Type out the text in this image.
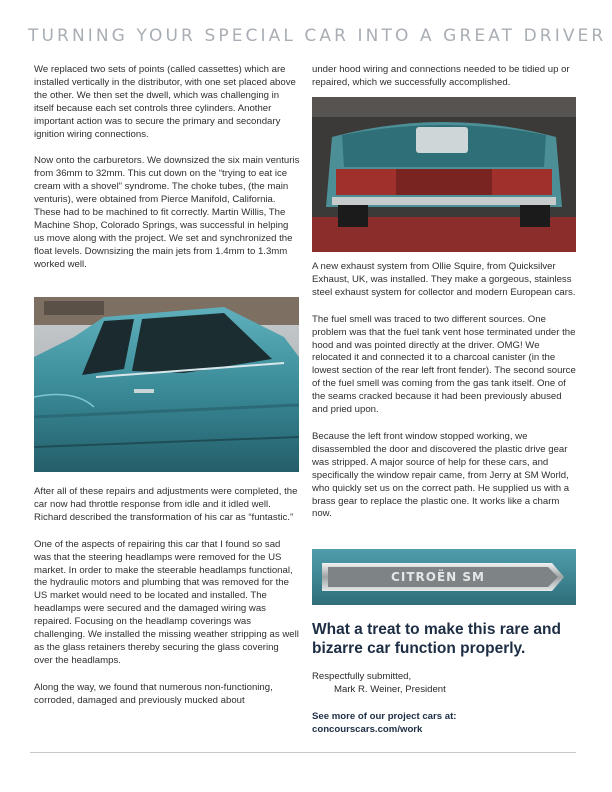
TURNING YOUR SPECIAL CAR INTO A GREAT DRIVER

We replaced two sets of points (called cassettes) which are installed vertically in the distributor, with one set placed above the other. We then set the dwell, which was challenging in itself because each set controls three cylinders. Another important action was to secure the primary and secondary ignition wiring connections.

Now onto the carburetors. We downsized the six main venturis from 36mm to 32mm. This cut down on the “trying to eat ice cream with a shovel” syndrome. The choke tubes, (the main venturis), were obtained from Pierce Manifold, California. These had to be machined to fit correctly. Martin Willis, The Machine Shop, Colorado Springs, was successful in helping us move along with the project. We set and synchronized the float levels. Downsizing the main jets from 1.4mm to 1.3mm worked well.

After all of these repairs and adjustments were completed, the car now had throttle response from idle and it idled well. Richard described the transformation of his car as “funtastic.”

One of the aspects of repairing this car that I found so sad was that the steering headlamps were removed for the US market. In order to make the steerable headlamps functional, the hydraulic motors and plumbing that was removed for the US market would need to be located and installed. The headlamps were secured and the damaged wiring was repaired. Focusing on the headlamp coverings was challenging. We installed the missing weather stripping as well as the glass retainers thereby securing the glass covering over the headlamps.

Along the way, we found that numerous non-functioning, corroded, damaged and previously mucked about

under hood wiring and connections needed to be tidied up or repaired, which we successfully accomplished.

A new exhaust system from Ollie Squire, from Quicksilver Exhaust, UK, was installed. They make a gorgeous, stainless steel exhaust system for collector and modern European cars.

The fuel smell was traced to two different sources. One problem was that the fuel tank vent hose terminated under the hood and was pointed directly at the driver. OMG! We relocated it and connected it to a charcoal canister (in the lowest section of the rear left front fender). The second source of the fuel smell was coming from the gas tank itself. One of the seams cracked because it had been previously abused and pried upon.

Because the left front window stopped working, we disassembled the door and discovered the plastic drive gear was stripped. A major source of help for these cars, and specifically the window repair came, from Jerry at SM World, who quickly set us on the correct path. He supplied us with a brass gear to replace the plastic one. It works like a charm now.

CITROËN SM
What a treat to make this rare and bizarre car function properly.
Respectfully submitted,
Mark R. Weiner, President
See more of our project cars at:
concourscars.com/work
